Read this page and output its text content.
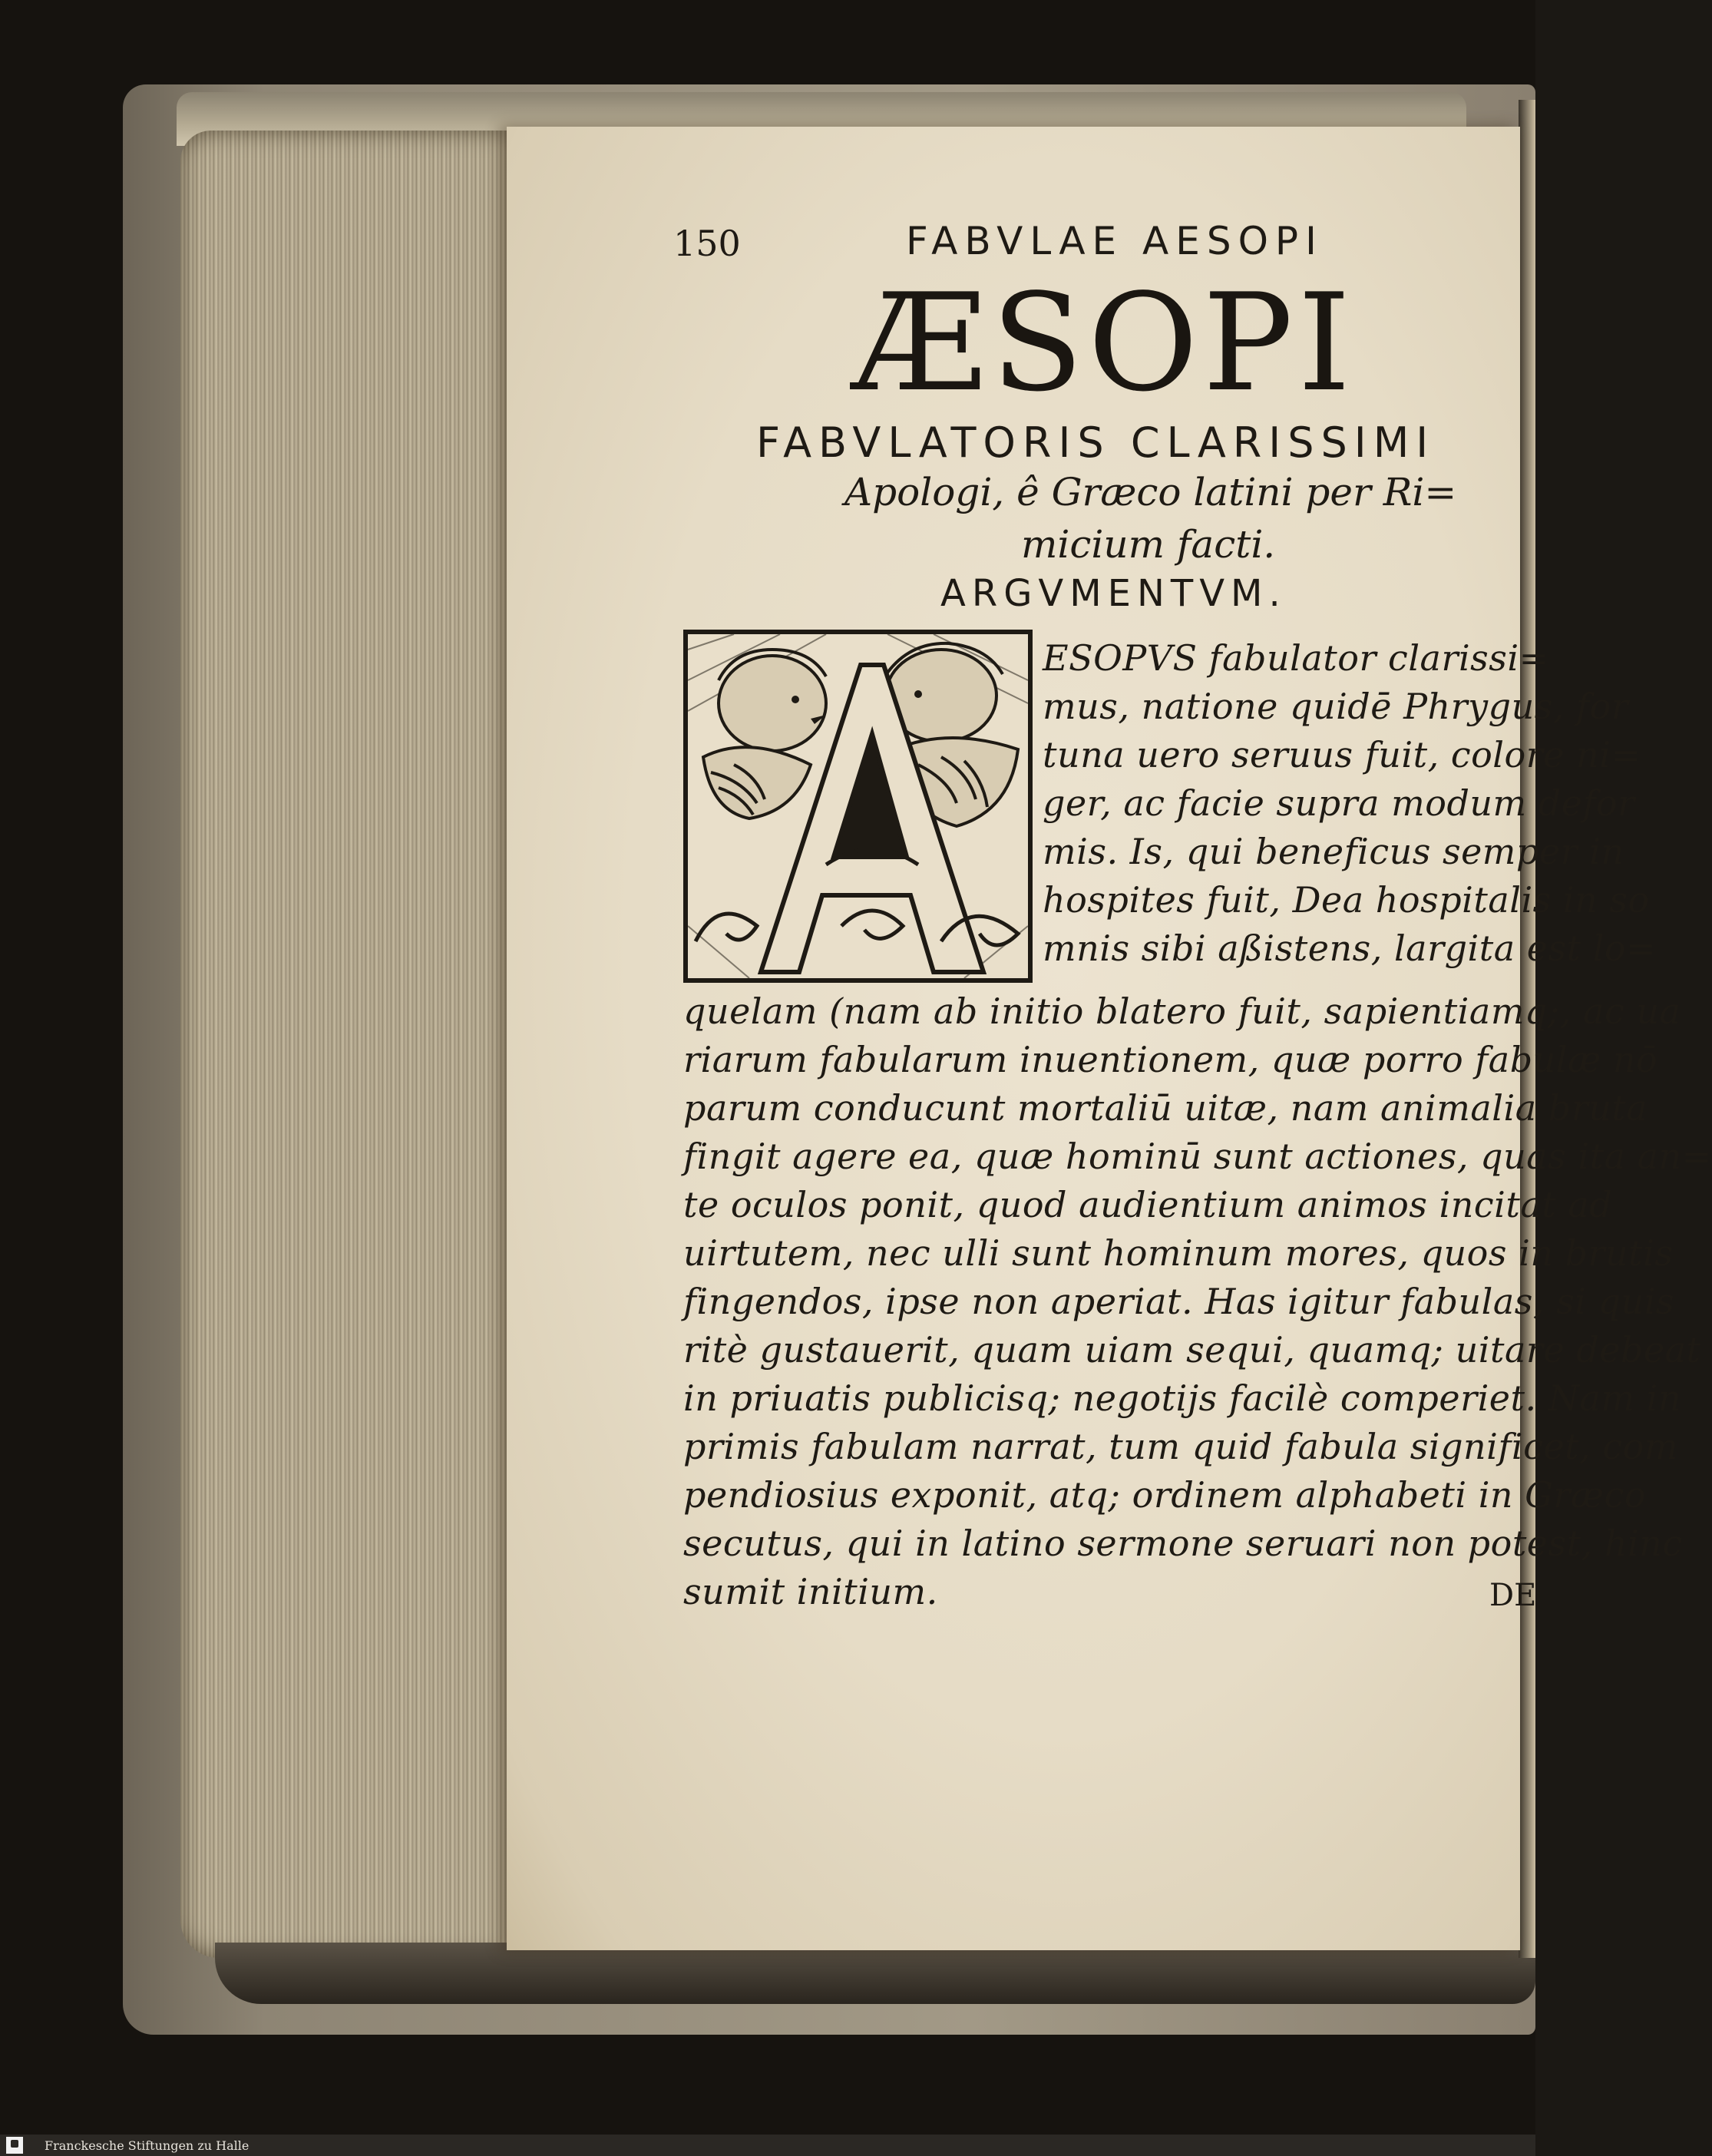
150	FABVLAE AESOPI
ÆSOPI
FABVLATORIS CLARISSIMI
Apologi, ê Græco latini per Ri=
micium facti.
ARGVMENTVM.
ESOPVS fabulator clarissi=
mus, natione quidē Phrygus, for
tuna uero seruus fuit, colore ni=
ger, ac facie supra modum defor
mis. Is, qui beneficus semper in
hospites fuit, Dea hospitalis in so
mnis sibi aßistens, largita est lo=
quelam (nam ab initio blatero fuit, sapientiamq;, ac ua
riarum fabularum inuentionem, quæ porro fabulæ nō
parum conducunt mortaliū uitæ, nam animalia bruta
fingit agere ea, quæ hominū sunt actiones, quas ita an=
te oculos ponit, quod audientium animos incitat ad
uirtutem, nec ulli sunt hominum mores, quos in brutis
fingendos, ipse non aperiat. Has igitur fabulas, si quis
ritè gustauerit, quam uiam sequi, quamq; uitare debeat
in priuatis publicisq; negotijs facilè comperiet. Nam in
primis fabulam narrat, tum quid fabula significet, com
pendiosius exponit, atq; ordinem alphabeti in Græco
secutus, qui in latino sermone seruari non potest, hinc
sumit initium.	DE
Franckesche Stiftungen zu Halle
